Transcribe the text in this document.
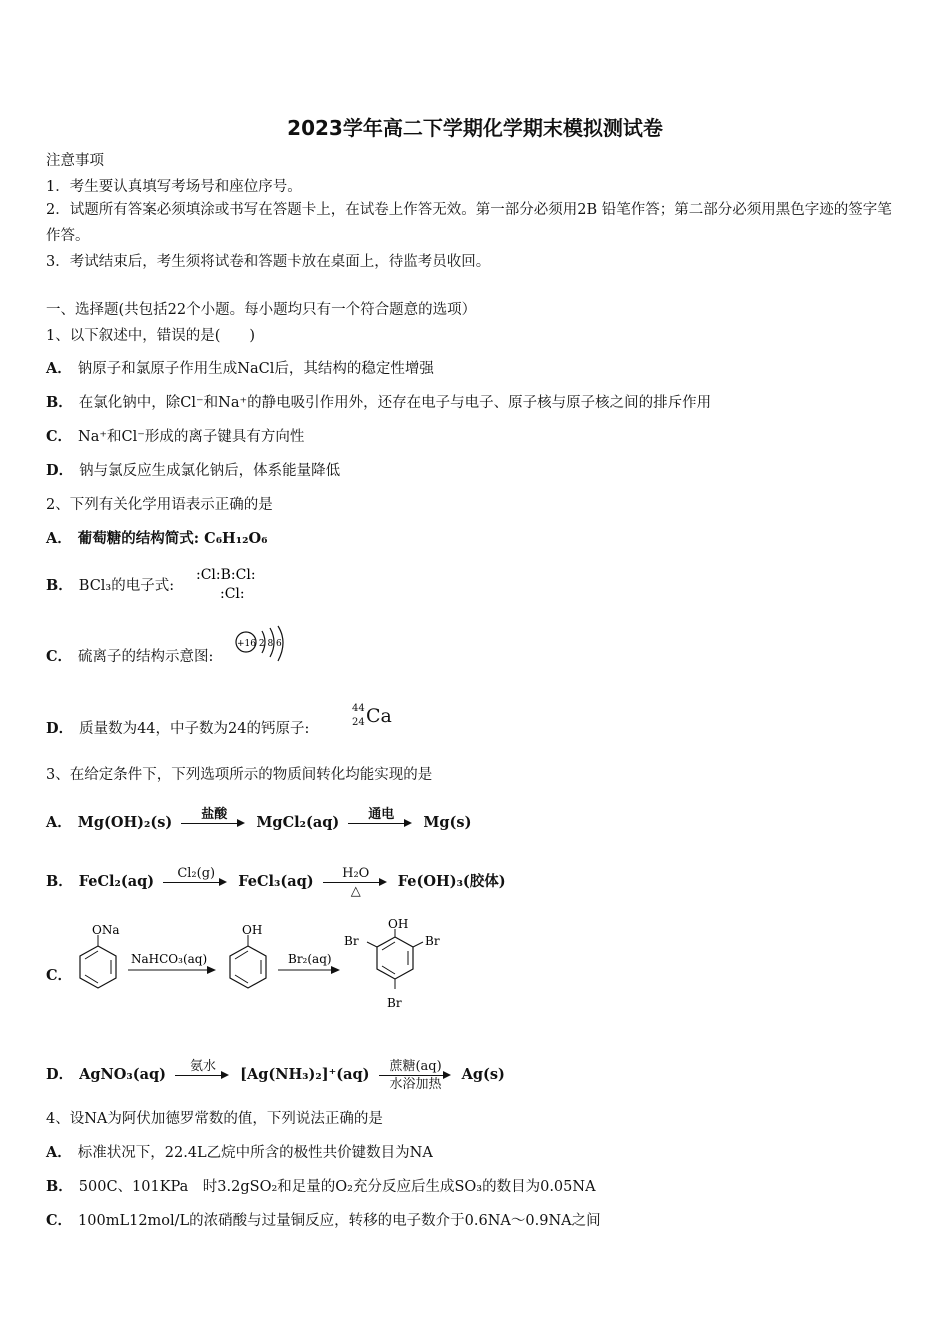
2023学年高二下学期化学期末模拟测试卷
注意事项
1．考生要认真填写考场号和座位序号。
2．试题所有答案必须填涂或书写在答题卡上，在试卷上作答无效。第一部分必须用2B 铅笔作答；第二部分必须用黑色字迹的签字笔作答。
3．考试结束后，考生须将试卷和答题卡放在桌面上，待监考员收回。
一、选择题(共包括22个小题。每小题均只有一个符合题意的选项）
1、以下叙述中，错误的是(　　)
A． 钠原子和氯原子作用生成NaCl后，其结构的稳定性增强
B． 在氯化钠中，除Cl⁻和Na⁺的静电吸引作用外，还存在电子与电子、原子核与原子核之间的排斥作用
C． Na⁺和Cl⁻形成的离子键具有方向性
D． 钠与氯反应生成氯化钠后，体系能量降低
2、下列有关化学用语表示正确的是
A． 葡萄糖的结构简式: C₆H₁₂O₆
B． BCl₃的电子式:
:Cl:B:Cl:
:Cl:
C． 硫离子的结构示意图:
+16 2 8 6
D． 质量数为44，中子数为24的钙原子:
44
24 Ca
3、在给定条件下，下列选项所示的物质间转化均能实现的是
A． Mg(OH)₂(s)	盐酸	MgCl₂(aq)	通电	Mg(s)
B． FeCl₂(aq)	Cl₂(g)	FeCl₃(aq)	H₂O
△
Fe(OH)₃(胶体)
C．
ONa
NaHCO₃(aq)
OH
Br₂(aq)
OH
Br	Br
Br
D． AgNO₃(aq)	氨水	[Ag(NH₃)₂]⁺(aq)	蔗糖(aq)
水浴加热
Ag(s)
4、设NA为阿伏加德罗常数的值，下列说法正确的是
A． 标准状况下，22.4L乙烷中所含的极性共价键数目为NA
B． 500C、101KPa　时3.2gSO₂和足量的O₂充分反应后生成SO₃的数目为0.05NA
C． 100mL12mol/L的浓硝酸与过量铜反应，转移的电子数介于0.6NA～0.9NA之间
